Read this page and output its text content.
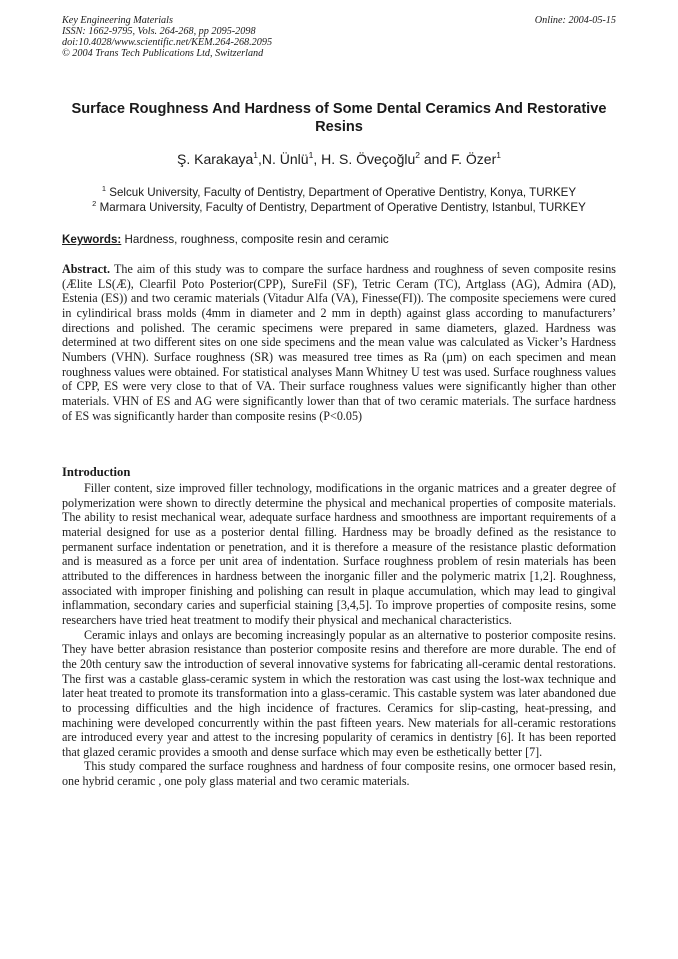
Key Engineering Materials
ISSN: 1662-9795, Vols. 264-268, pp 2095-2098
doi:10.4028/www.scientific.net/KEM.264-268.2095
© 2004 Trans Tech Publications Ltd, Switzerland
Online: 2004-05-15
Surface Roughness And Hardness of Some Dental Ceramics And Restorative Resins
Ş. Karakaya$^1$,N. Ünlü$^1$, H. S. Öveçoğlu$^2$ and F. Özer$^1$
$^1$ Selcuk University, Faculty of Dentistry, Department of Operative Dentistry, Konya, TURKEY
$^2$ Marmara University, Faculty of Dentistry, Department of Operative Dentistry, Istanbul, TURKEY
Keywords: Hardness, roughness, composite resin and ceramic
Abstract. The aim of this study was to compare the surface hardness and roughness of seven composite resins (Ælite LS(Æ), Clearfil Poto Posterior(CPP), SureFil (SF), Tetric Ceram (TC), Artglass (AG), Admira (AD), Estenia (ES)) and two ceramic materials (Vitadur Alfa (VA), Finesse(FI)). The composite speciemens were cured in cylindirical brass molds (4mm in diameter and 2 mm in depth) against glass according to manufacturers’ directions and polished. The ceramic specimens were prepared in same diameters, glazed. Hardness was determined at two different sites on one side specimens and the mean value was calculated as Vicker’s Hardness Numbers (VHN). Surface roughness (SR) was measured tree times as Ra (µm) on each specimen and mean roughness values were obtained. For statistical analyses Mann Whitney U test was used. Surface roughness values of CPP, ES were very close to that of VA. Their surface roughness values were significantly higher than other materials. VHN of ES and AG were significantly lower than that of two ceramic materials. The surface hardness of ES was significantly harder than composite resins (P<0.05)
Introduction

Filler content, size improved filler technology, modifications in the organic matrices and a greater degree of polymerization were shown to directly determine the physical and mechanical properties of composite materials. The ability to resist mechanical wear, adequate surface hardness and smoothness are important requirements of a material designed for use as a posterior dental filling. Hardness may be broadly defined as the resistance to permanent surface indentation or penetration, and it is therefore a measure of the resistance plastic deformation and is measured as a force per unit area of indentation. Surface roughness problem of resin materials has been attributed to the differences in hardness between the inorganic filler and the polymeric matrix [1,2]. Roughness, associated with improper finishing and polishing can result in plaque accumulation, which may lead to gingival inflammation, secondary caries and superficial staining [3,4,5]. To improve properties of composite resins, some researchers have tried heat treatment to modify their physical and mechanical characteristics.

Ceramic inlays and onlays are becoming increasingly popular as an alternative to posterior composite resins. They have better abrasion resistance than posterior composite resins and therefore are more durable. The end of the 20th century saw the introduction of several innovative systems for fabricating all-ceramic dental restorations. The first was a castable glass-ceramic system in which the restoration was cast using the lost-wax technique and later heat treated to promote its transformation into a glass-ceramic. This castable system was later abandoned due to processing difficulties and the high incidence of fractures. Ceramics for slip-casting, heat-pressing, and machining were developed concurrently within the past fifteen years. New materials for all-ceramic restorations are introduced every year and attest to the incresing popularity of ceramics in dentistry [6]. It has been reported that glazed ceramic provides a smooth and dense surface which may even be esthetically better [7].

This study compared the surface roughness and hardness of four composite resins, one ormocer based resin, one hybrid ceramic , one poly glass material and two ceramic materials.
